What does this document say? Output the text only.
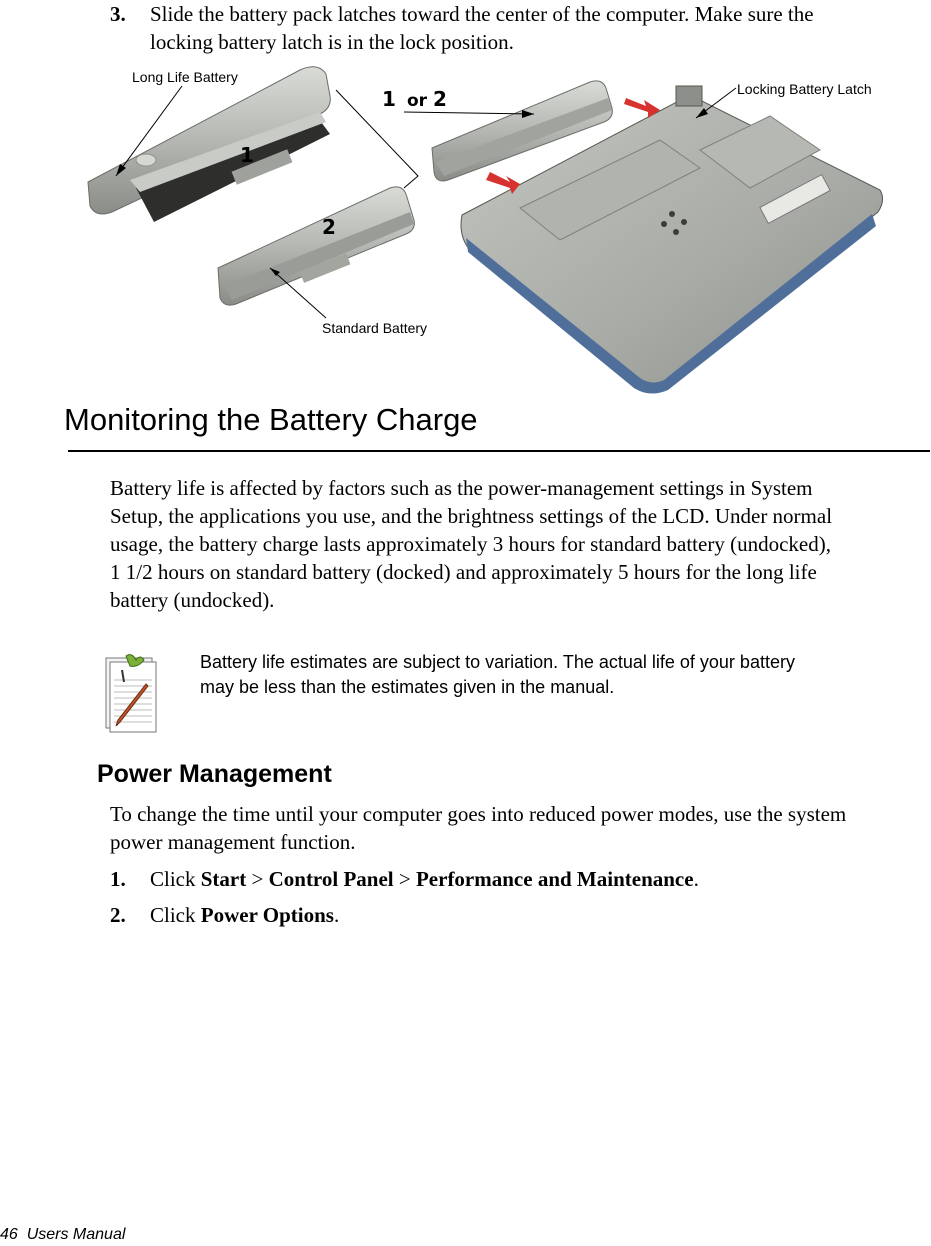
3. Slide the battery pack latches toward the center of the computer. Make sure the
locking battery latch is in the lock position.
Long Life Battery
Standard Battery
Locking Battery Latch
1
2
1 or 2
Monitoring the Battery Charge
Battery life is affected by factors such as the power-management settings in System
Setup, the applications you use, and the brightness settings of the LCD. Under normal
usage, the battery charge lasts approximately 3 hours for standard battery (undocked),
1 1/2 hours on standard battery (docked) and approximately 5 hours for the long life
battery (undocked).
Battery life estimates are subject to variation. The actual life of your battery
may be less than the estimates given in the manual.
Power Management
To change the time until your computer goes into reduced power modes, use the system
power management function.
1. Click Start > Control Panel > Performance and Maintenance.
2. Click Power Options.
46 Users Manual
